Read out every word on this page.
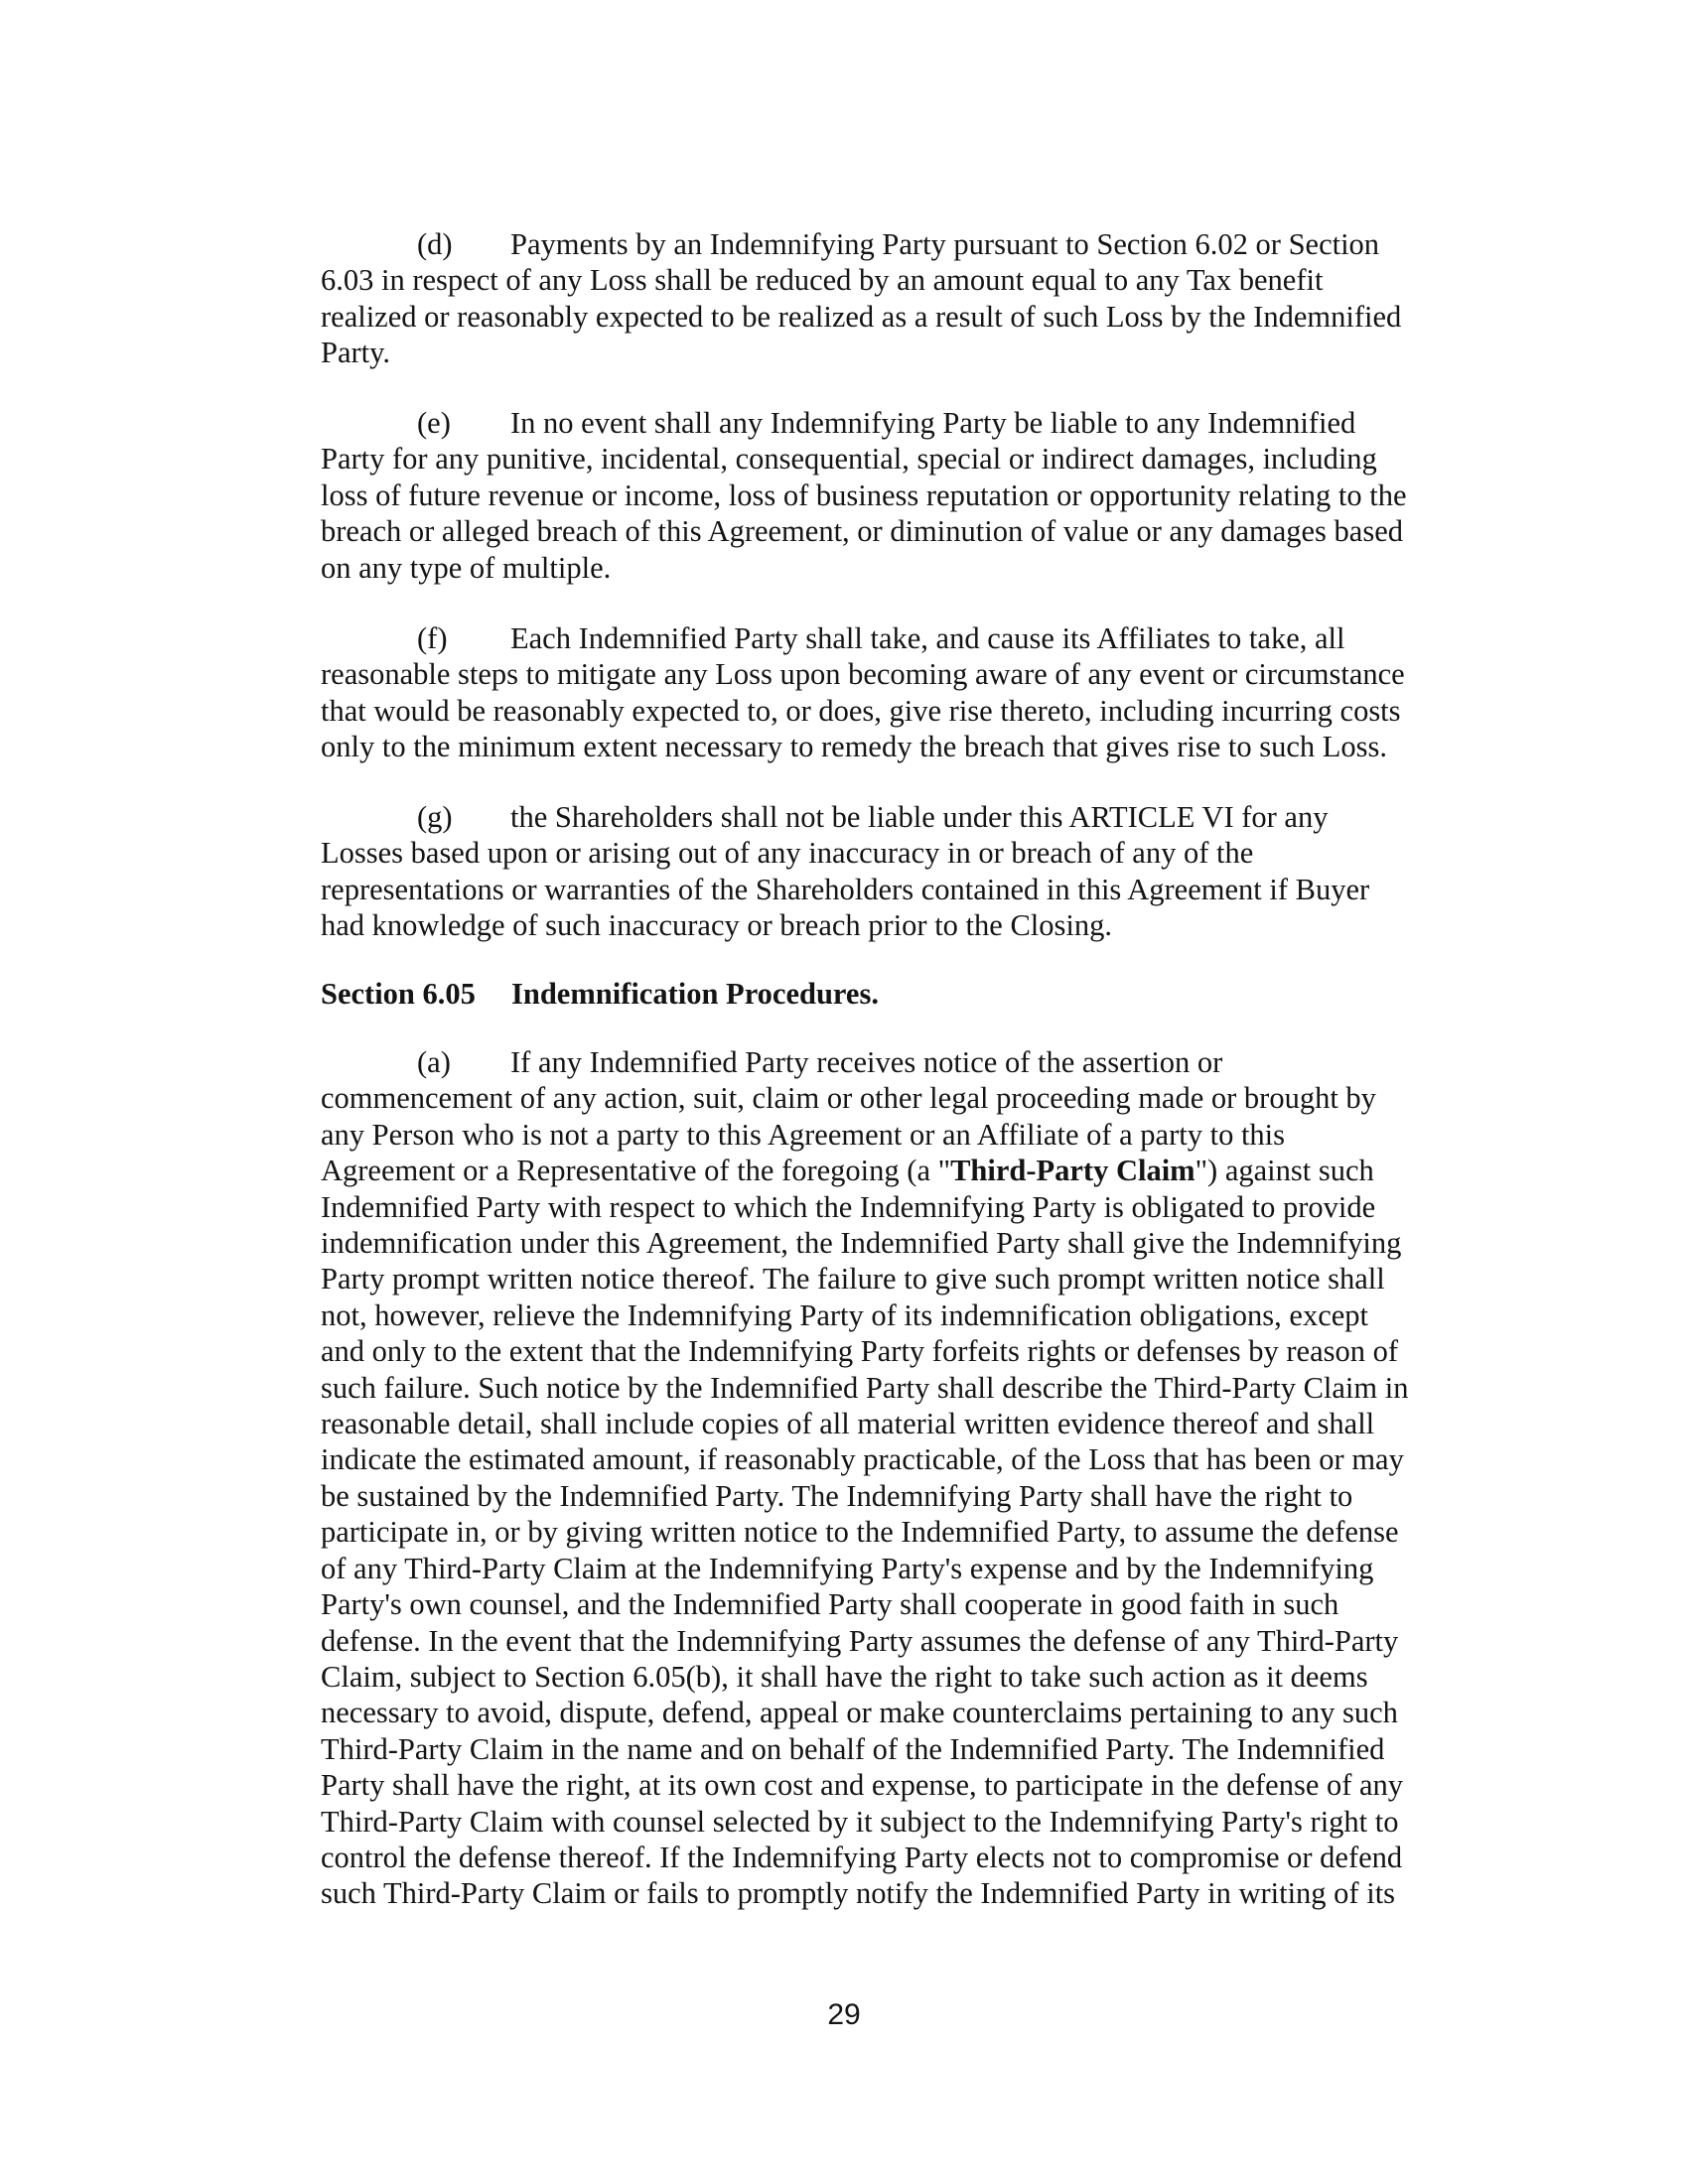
(d) Payments by an Indemnifying Party pursuant to Section 6.02 or Section
6.03 in respect of any Loss shall be reduced by an amount equal to any Tax benefit
realized or reasonably expected to be realized as a result of such Loss by the Indemnified
Party.

(e) In no event shall any Indemnifying Party be liable to any Indemnified
Party for any punitive, incidental, consequential, special or indirect damages, including
loss of future revenue or income, loss of business reputation or opportunity relating to the
breach or alleged breach of this Agreement, or diminution of value or any damages based
on any type of multiple.

(f) Each Indemnified Party shall take, and cause its Affiliates to take, all
reasonable steps to mitigate any Loss upon becoming aware of any event or circumstance
that would be reasonably expected to, or does, give rise thereto, including incurring costs
only to the minimum extent necessary to remedy the breach that gives rise to such Loss.

(g) the Shareholders shall not be liable under this ARTICLE VI for any
Losses based upon or arising out of any inaccuracy in or breach of any of the
representations or warranties of the Shareholders contained in this Agreement if Buyer
had knowledge of such inaccuracy or breach prior to the Closing.

Section 6.05 Indemnification Procedures.

(a) If any Indemnified Party receives notice of the assertion or
commencement of any action, suit, claim or other legal proceeding made or brought by
any Person who is not a party to this Agreement or an Affiliate of a party to this
Agreement or a Representative of the foregoing (a "Third-Party Claim") against such
Indemnified Party with respect to which the Indemnifying Party is obligated to provide
indemnification under this Agreement, the Indemnified Party shall give the Indemnifying
Party prompt written notice thereof. The failure to give such prompt written notice shall
not, however, relieve the Indemnifying Party of its indemnification obligations, except
and only to the extent that the Indemnifying Party forfeits rights or defenses by reason of
such failure. Such notice by the Indemnified Party shall describe the Third-Party Claim in
reasonable detail, shall include copies of all material written evidence thereof and shall
indicate the estimated amount, if reasonably practicable, of the Loss that has been or may
be sustained by the Indemnified Party. The Indemnifying Party shall have the right to
participate in, or by giving written notice to the Indemnified Party, to assume the defense
of any Third-Party Claim at the Indemnifying Party's expense and by the Indemnifying
Party's own counsel, and the Indemnified Party shall cooperate in good faith in such
defense. In the event that the Indemnifying Party assumes the defense of any Third-Party
Claim, subject to Section 6.05(b), it shall have the right to take such action as it deems
necessary to avoid, dispute, defend, appeal or make counterclaims pertaining to any such
Third-Party Claim in the name and on behalf of the Indemnified Party. The Indemnified
Party shall have the right, at its own cost and expense, to participate in the defense of any
Third-Party Claim with counsel selected by it subject to the Indemnifying Party's right to
control the defense thereof. If the Indemnifying Party elects not to compromise or defend
such Third-Party Claim or fails to promptly notify the Indemnified Party in writing of its

29
